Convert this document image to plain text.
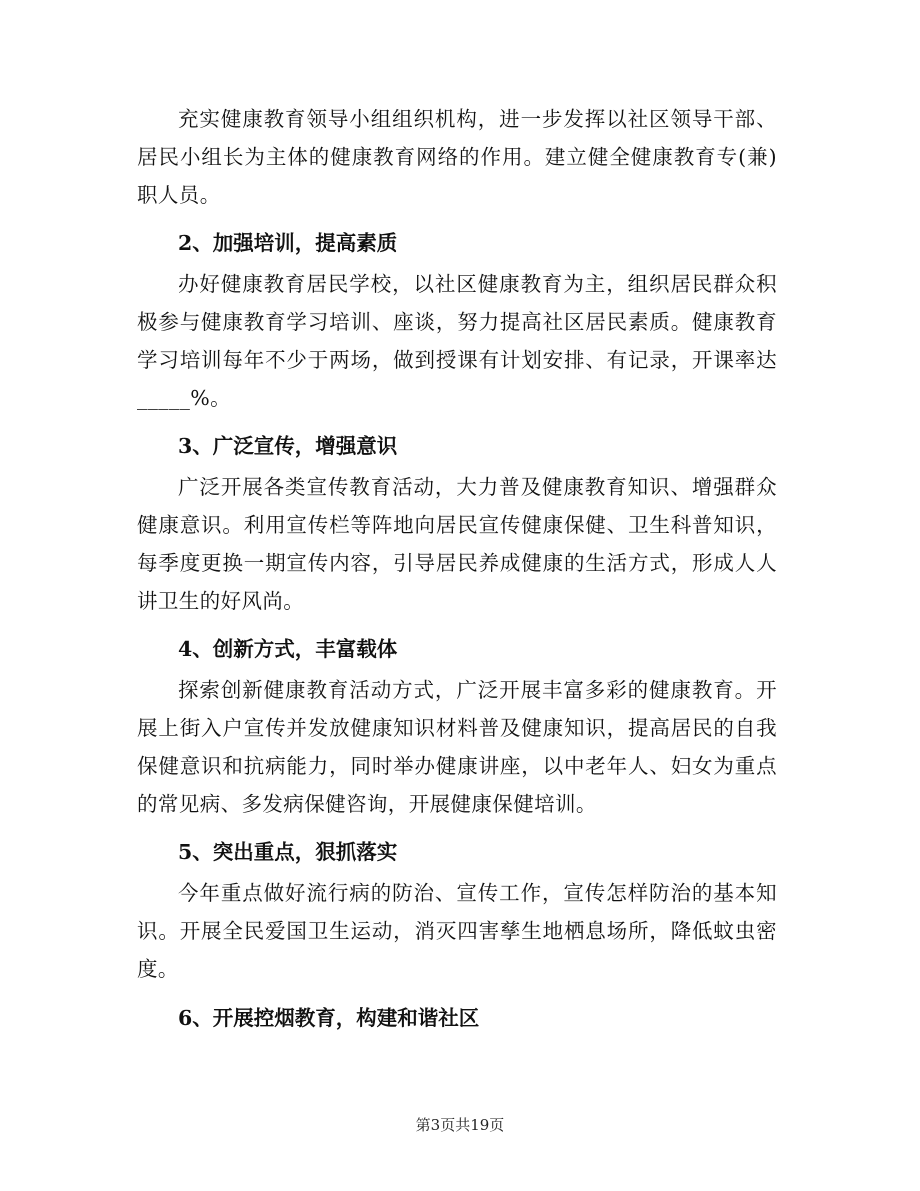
充实健康教育领导小组组织机构，进一步发挥以社区领导干部、居民小组长为主体的健康教育网络的作用。建立健全健康教育专(兼)职人员。

2、加强培训，提高素质

办好健康教育居民学校，以社区健康教育为主，组织居民群众积极参与健康教育学习培训、座谈，努力提高社区居民素质。健康教育学习培训每年不少于两场，做到授课有计划安排、有记录，开课率达_____%。

3、广泛宣传，增强意识

广泛开展各类宣传教育活动，大力普及健康教育知识、增强群众健康意识。利用宣传栏等阵地向居民宣传健康保健、卫生科普知识，每季度更换一期宣传内容，引导居民养成健康的生活方式，形成人人讲卫生的好风尚。

4、创新方式，丰富载体

探索创新健康教育活动方式，广泛开展丰富多彩的健康教育。开展上街入户宣传并发放健康知识材料普及健康知识，提高居民的自我保健意识和抗病能力，同时举办健康讲座，以中老年人、妇女为重点的常见病、多发病保健咨询，开展健康保健培训。

5、突出重点，狠抓落实

今年重点做好流行病的防治、宣传工作，宣传怎样防治的基本知识。开展全民爱国卫生运动，消灭四害孳生地栖息场所，降低蚊虫密度。

6、开展控烟教育，构建和谐社区

第3页共19页
